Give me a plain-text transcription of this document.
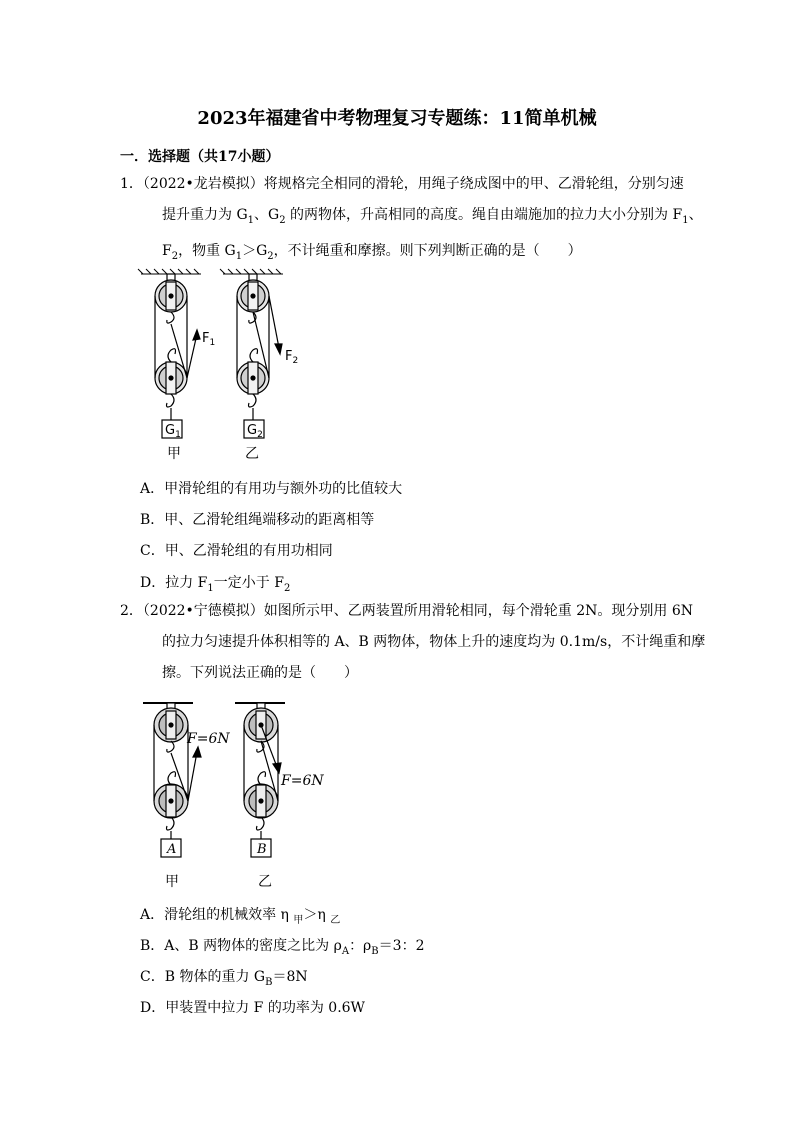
2023年福建省中考物理复习专题练：11简单机械
一．选择题（共17小题）
1．（2022•龙岩模拟）将规格完全相同的滑轮，用绳子绕成图中的甲、乙滑轮组，分别匀速
提升重力为 $G_1$、$G_2$ 的两物体，升高相同的高度。绳自由端施加的拉力大小分别为 $F_1$、
$F_2$，物重 $G_1>G_2$，不计绳重和摩擦。则下列判断正确的是（　　）
$F_1$
$G_1$
甲
$F_2$
$G_2$
乙
A．甲滑轮组的有用功与额外功的比值较大
B．甲、乙滑轮组绳端移动的距离相等
C．甲、乙滑轮组的有用功相同
D．拉力 $F_1$一定小于 $F_2$
2．（2022•宁德模拟）如图所示甲、乙两装置所用滑轮相同，每个滑轮重 2N。现分别用 6N
的拉力匀速提升体积相等的 A、B 两物体，物体上升的速度均为 0.1m/s，不计绳重和摩
擦。下列说法正确的是（　　）
F=6N
A
甲
F=6N
B
乙
A．滑轮组的机械效率 η $_甲$＞η $_乙$
B．A、B 两物体的密度之比为 $\rho_A$：$\rho_B=3$：2
C．B 物体的重力 $G_B=8N$
D．甲装置中拉力 F 的功率为 0.6W
